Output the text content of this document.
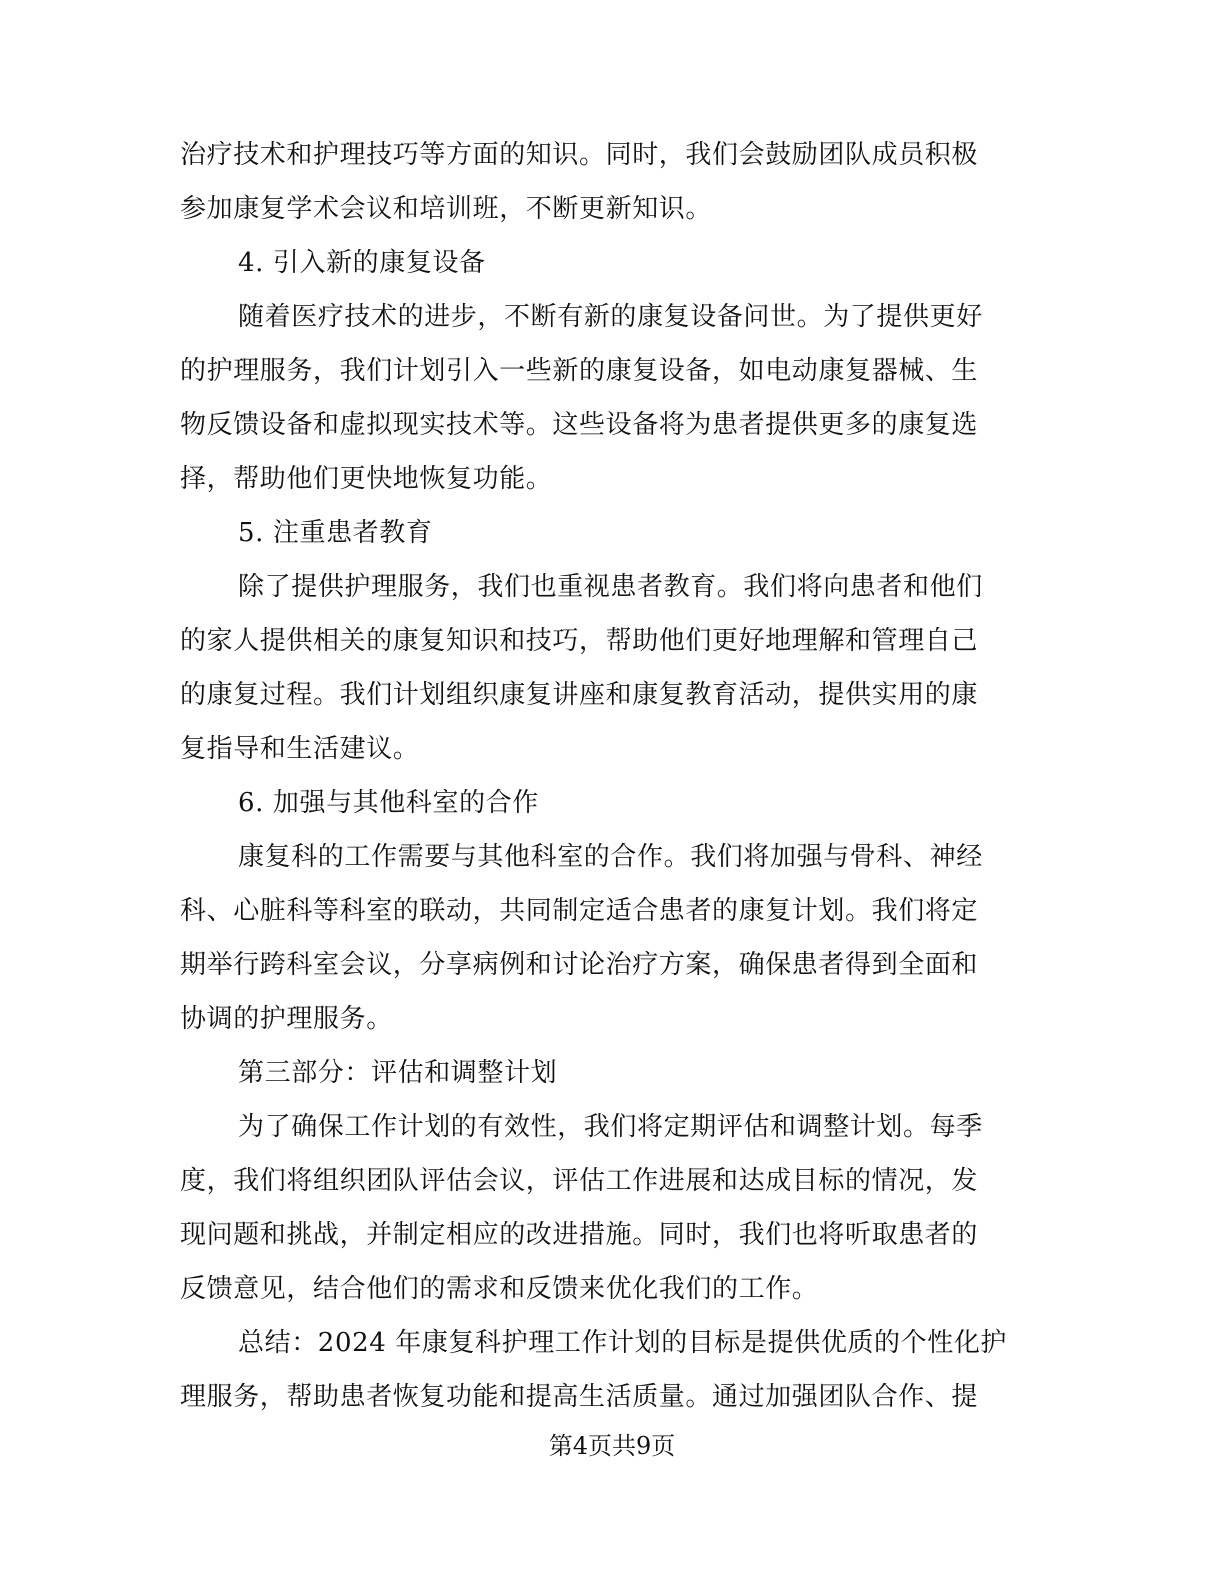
治疗技术和护理技巧等方面的知识。同时，我们会鼓励团队成员积极
参加康复学术会议和培训班，不断更新知识。
4. 引入新的康复设备
随着医疗技术的进步，不断有新的康复设备问世。为了提供更好
的护理服务，我们计划引入一些新的康复设备，如电动康复器械、生
物反馈设备和虚拟现实技术等。这些设备将为患者提供更多的康复选
择，帮助他们更快地恢复功能。
5. 注重患者教育
除了提供护理服务，我们也重视患者教育。我们将向患者和他们
的家人提供相关的康复知识和技巧，帮助他们更好地理解和管理自己
的康复过程。我们计划组织康复讲座和康复教育活动，提供实用的康
复指导和生活建议。
6. 加强与其他科室的合作
康复科的工作需要与其他科室的合作。我们将加强与骨科、神经
科、心脏科等科室的联动，共同制定适合患者的康复计划。我们将定
期举行跨科室会议，分享病例和讨论治疗方案，确保患者得到全面和
协调的护理服务。
第三部分：评估和调整计划
为了确保工作计划的有效性，我们将定期评估和调整计划。每季
度，我们将组织团队评估会议，评估工作进展和达成目标的情况，发
现问题和挑战，并制定相应的改进措施。同时，我们也将听取患者的
反馈意见，结合他们的需求和反馈来优化我们的工作。
总结：2024 年康复科护理工作计划的目标是提供优质的个性化护
理服务，帮助患者恢复功能和提高生活质量。通过加强团队合作、提
第4页共9页
